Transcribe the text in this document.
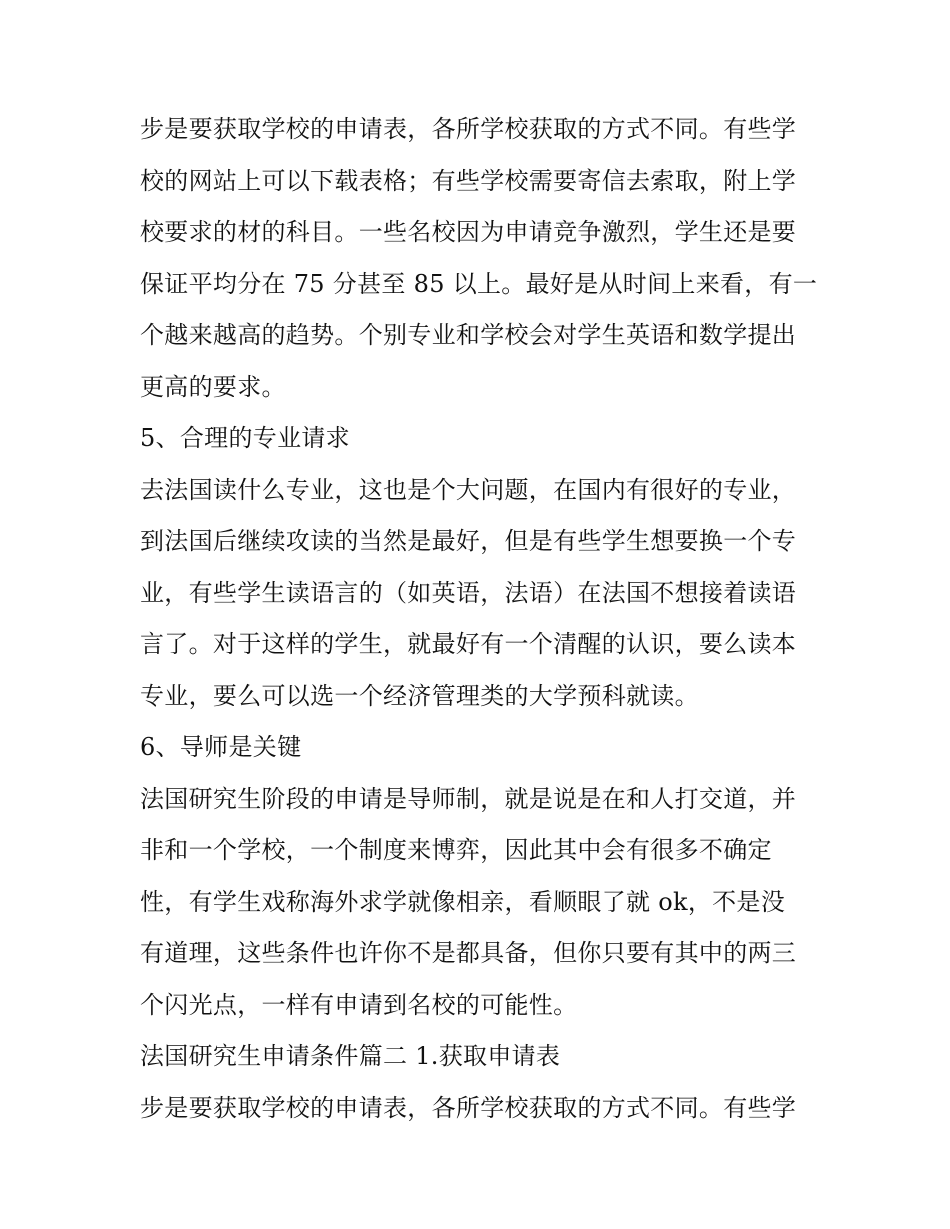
步是要获取学校的申请表，各所学校获取的方式不同。有些学
校的网站上可以下载表格；有些学校需要寄信去索取，附上学
校要求的材的科目。一些名校因为申请竞争激烈，学生还是要
保证平均分在 75 分甚至 85 以上。最好是从时间上来看，有一
个越来越高的趋势。个别专业和学校会对学生英语和数学提出
更高的要求。
5、合理的专业请求
去法国读什么专业，这也是个大问题，在国内有很好的专业，
到法国后继续攻读的当然是最好，但是有些学生想要换一个专
业，有些学生读语言的（如英语，法语）在法国不想接着读语
言了。对于这样的学生，就最好有一个清醒的认识，要么读本
专业，要么可以选一个经济管理类的大学预科就读。
6、导师是关键
法国研究生阶段的申请是导师制，就是说是在和人打交道，并
非和一个学校，一个制度来博弈，因此其中会有很多不确定
性，有学生戏称海外求学就像相亲，看顺眼了就 ok，不是没
有道理，这些条件也许你不是都具备，但你只要有其中的两三
个闪光点，一样有申请到名校的可能性。
法国研究生申请条件篇二 1.获取申请表
步是要获取学校的申请表，各所学校获取的方式不同。有些学
